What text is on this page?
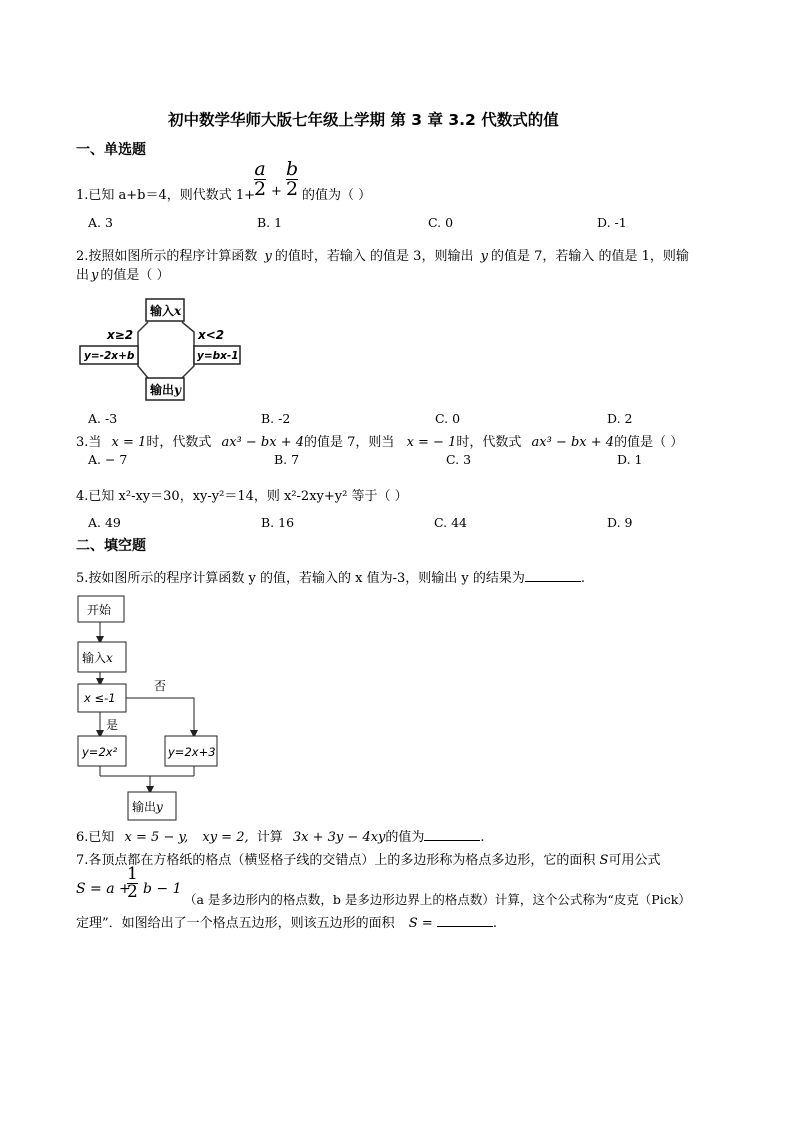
初中数学华师大版七年级上学期 第 3 章 3.2 代数式的值
一、单选题
1.已知 a+b＝4，则代数式 1+
a
2 +
b
2 的值为（ ）
A. 3	B. 1	C. 0	D. -1
2.按照如图所示的程序计算函数 y 的值时，若输入 的值是 3，则输出 y 的值是 7，若输入 的值是 1，则输
出 y 的值是（ ）
输入x
x≥2	x<2
y=-2x+b	y=bx-1
输出y
A. -3	B. -2	C. 0	D. 2
3.当 x = 1时，代数式 ax³ − bx + 4的值是 7，则当 x = − 1时，代数式 ax³ − bx + 4的值是（ ）
A. − 7	B. 7	C. 3	D. 1
4.已知 x²-xy＝30，xy-y²＝14，则 x²-2xy+y² 等于（ ）
A. 49	B. 16	C. 44	D. 9
二、填空题
5.按如图所示的程序计算函数 y 的值，若输入的 x 值为-3，则输出 y 的结果为	.
开始
输入x
x ≤-1
否
是
y=2x²	y=2x+3
输出y
6.已知 x = 5 − y, xy = 2, 计算 3x + 3y − 4xy的值为	.
7.各顶点都在方格纸的格点（横竖格子线的交错点）上的多边形称为格点多边形，它的面积 S可用公式
S = a +
1
2 b − 1
（a 是多边形内的格点数，b 是多边形边界上的格点数）计算，这个公式称为“皮克（Pick）
定理”．如图给出了一个格点五边形，则该五边形的面积 S =	.
